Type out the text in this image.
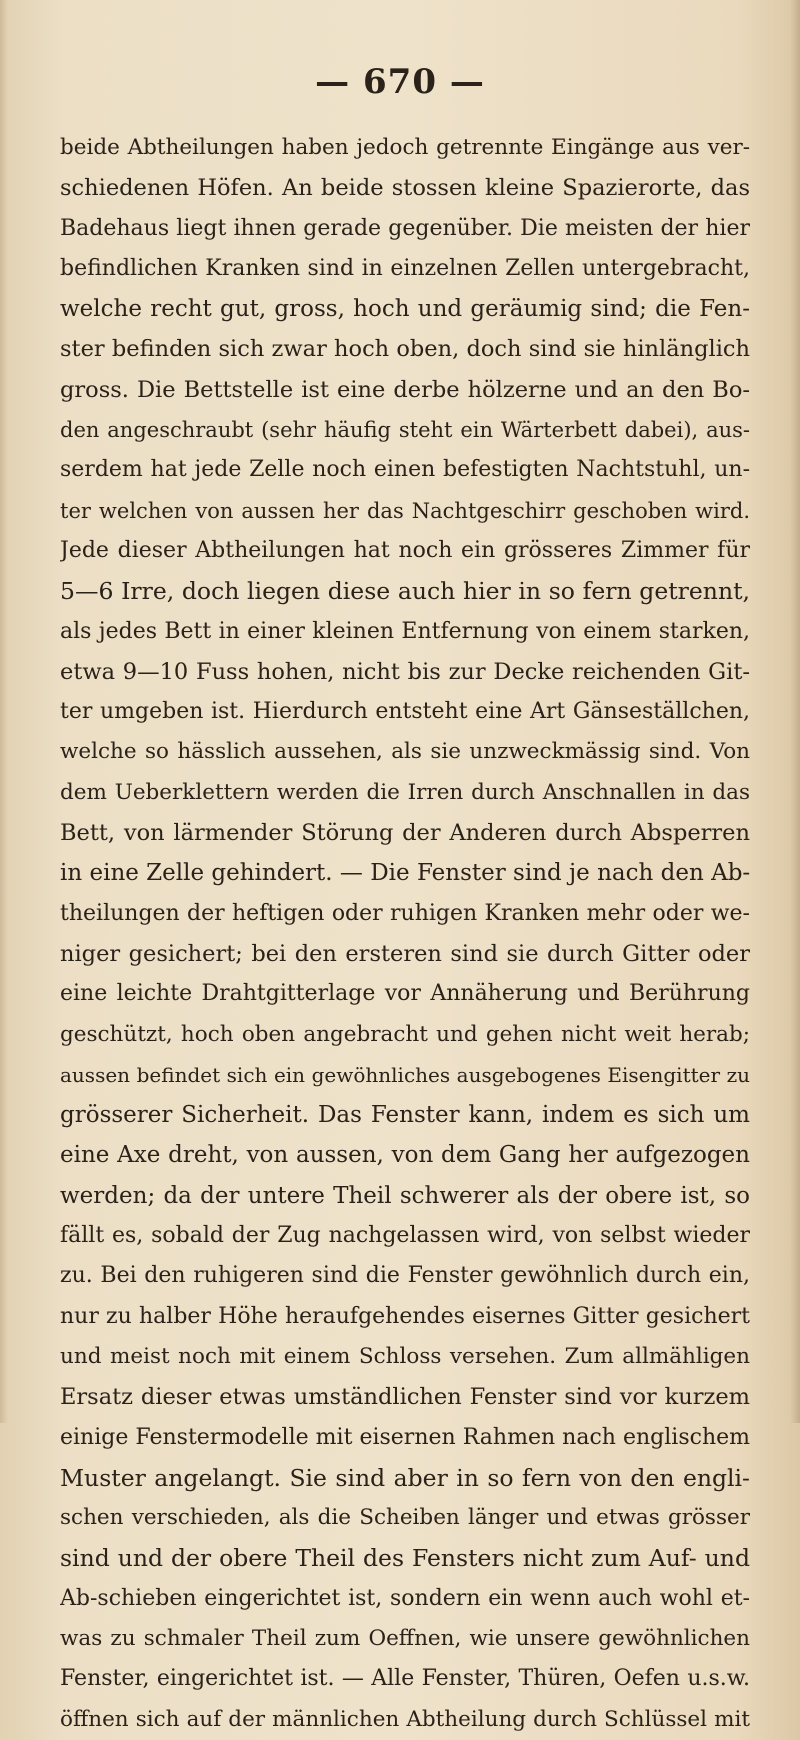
— 670 —
beide Abtheilungen haben jedoch getrennte Eingänge aus ver-
schiedenen Höfen. An beide stossen kleine Spazierorte, das
Badehaus liegt ihnen gerade gegenüber. Die meisten der hier
befindlichen Kranken sind in einzelnen Zellen untergebracht,
welche recht gut, gross, hoch und geräumig sind; die Fen-
ster befinden sich zwar hoch oben, doch sind sie hinlänglich
gross. Die Bettstelle ist eine derbe hölzerne und an den Bo-
den angeschraubt (sehr häufig steht ein Wärterbett dabei), aus-
serdem hat jede Zelle noch einen befestigten Nachtstuhl, un-
ter welchen von aussen her das Nachtgeschirr geschoben wird.
Jede dieser Abtheilungen hat noch ein grösseres Zimmer für
5—6 Irre, doch liegen diese auch hier in so fern getrennt,
als jedes Bett in einer kleinen Entfernung von einem starken,
etwa 9—10 Fuss hohen, nicht bis zur Decke reichenden Git-
ter umgeben ist. Hierdurch entsteht eine Art Gänseställchen,
welche so hässlich aussehen, als sie unzweckmässig sind. Von
dem Ueberklettern werden die Irren durch Anschnallen in das
Bett, von lärmender Störung der Anderen durch Absperren
in eine Zelle gehindert. — Die Fenster sind je nach den Ab-
theilungen der heftigen oder ruhigen Kranken mehr oder we-
niger gesichert; bei den ersteren sind sie durch Gitter oder
eine leichte Drahtgitterlage vor Annäherung und Berührung
geschützt, hoch oben angebracht und gehen nicht weit herab;
aussen befindet sich ein gewöhnliches ausgebogenes Eisengitter zu
grösserer Sicherheit. Das Fenster kann, indem es sich um
eine Axe dreht, von aussen, von dem Gang her aufgezogen
werden; da der untere Theil schwerer als der obere ist, so
fällt es, sobald der Zug nachgelassen wird, von selbst wieder
zu. Bei den ruhigeren sind die Fenster gewöhnlich durch ein,
nur zu halber Höhe heraufgehendes eisernes Gitter gesichert
und meist noch mit einem Schloss versehen. Zum allmähligen
Ersatz dieser etwas umständlichen Fenster sind vor kurzem
einige Fenstermodelle mit eisernen Rahmen nach englischem
Muster angelangt. Sie sind aber in so fern von den engli-
schen verschieden, als die Scheiben länger und etwas grösser
sind und der obere Theil des Fensters nicht zum Auf- und
Ab-schieben eingerichtet ist, sondern ein wenn auch wohl et-
was zu schmaler Theil zum Oeffnen, wie unsere gewöhnlichen
Fenster, eingerichtet ist. — Alle Fenster, Thüren, Oefen u.s.w.
öffnen sich auf der männlichen Abtheilung durch Schlüssel mit
